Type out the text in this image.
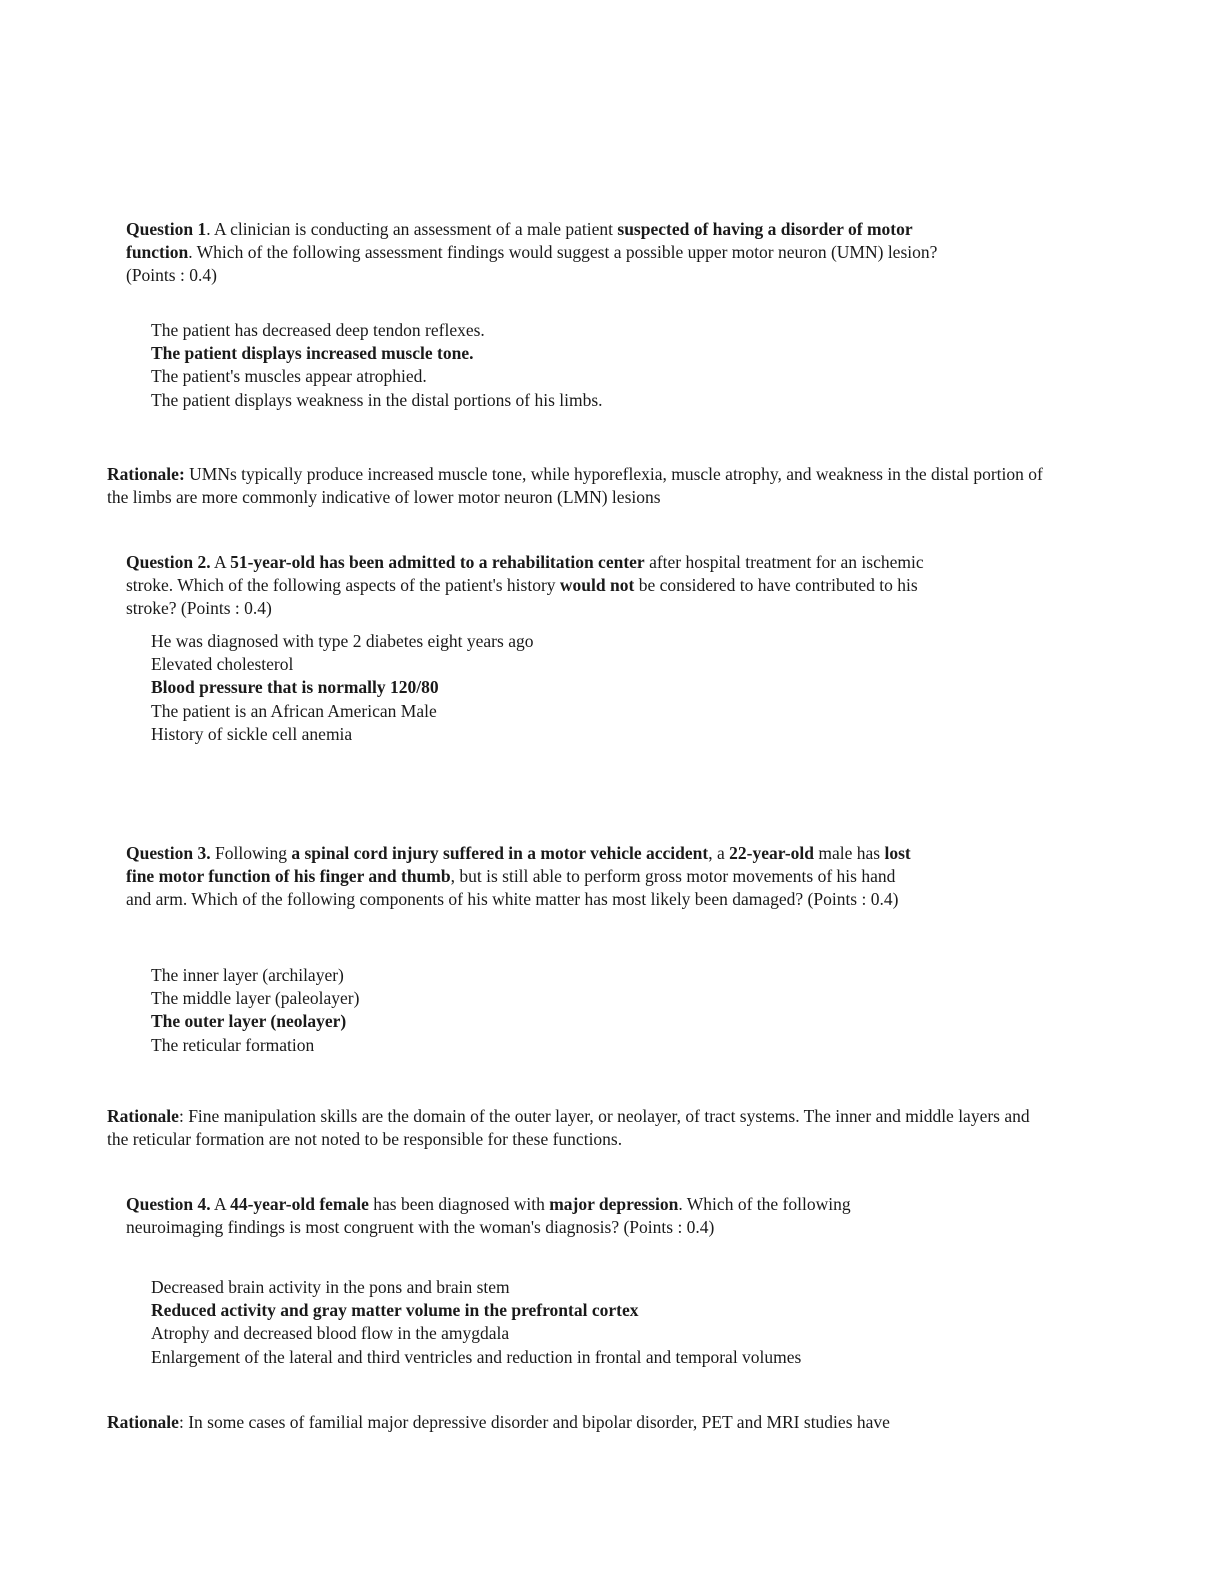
Question 1. A clinician is conducting an assessment of a male patient suspected of having a disorder of motor function. Which of the following assessment findings would suggest a possible upper motor neuron (UMN) lesion? (Points : 0.4)
The patient has decreased deep tendon reflexes.
The patient displays increased muscle tone.
The patient's muscles appear atrophied.
The patient displays weakness in the distal portions of his limbs.
Rationale: UMNs typically produce increased muscle tone, while hyporeflexia, muscle atrophy, and weakness in the distal portion of the limbs are more commonly indicative of lower motor neuron (LMN) lesions
Question 2. A 51-year-old has been admitted to a rehabilitation center after hospital treatment for an ischemic stroke. Which of the following aspects of the patient's history would not be considered to have contributed to his stroke? (Points : 0.4)
He was diagnosed with type 2 diabetes eight years ago
Elevated cholesterol
Blood pressure that is normally 120/80
The patient is an African American Male
History of sickle cell anemia
Question 3. Following a spinal cord injury suffered in a motor vehicle accident, a 22-year-old male has lost fine motor function of his finger and thumb, but is still able to perform gross motor movements of his hand and arm. Which of the following components of his white matter has most likely been damaged? (Points : 0.4)
The inner layer (archilayer)
The middle layer (paleolayer)
The outer layer (neolayer)
The reticular formation
Rationale: Fine manipulation skills are the domain of the outer layer, or neolayer, of tract systems. The inner and middle layers and the reticular formation are not noted to be responsible for these functions.
Question 4. A 44-year-old female has been diagnosed with major depression. Which of the following neuroimaging findings is most congruent with the woman's diagnosis? (Points : 0.4)
Decreased brain activity in the pons and brain stem
Reduced activity and gray matter volume in the prefrontal cortex
Atrophy and decreased blood flow in the amygdala
Enlargement of the lateral and third ventricles and reduction in frontal and temporal volumes
Rationale: In some cases of familial major depressive disorder and bipolar disorder, PET and MRI studies have
